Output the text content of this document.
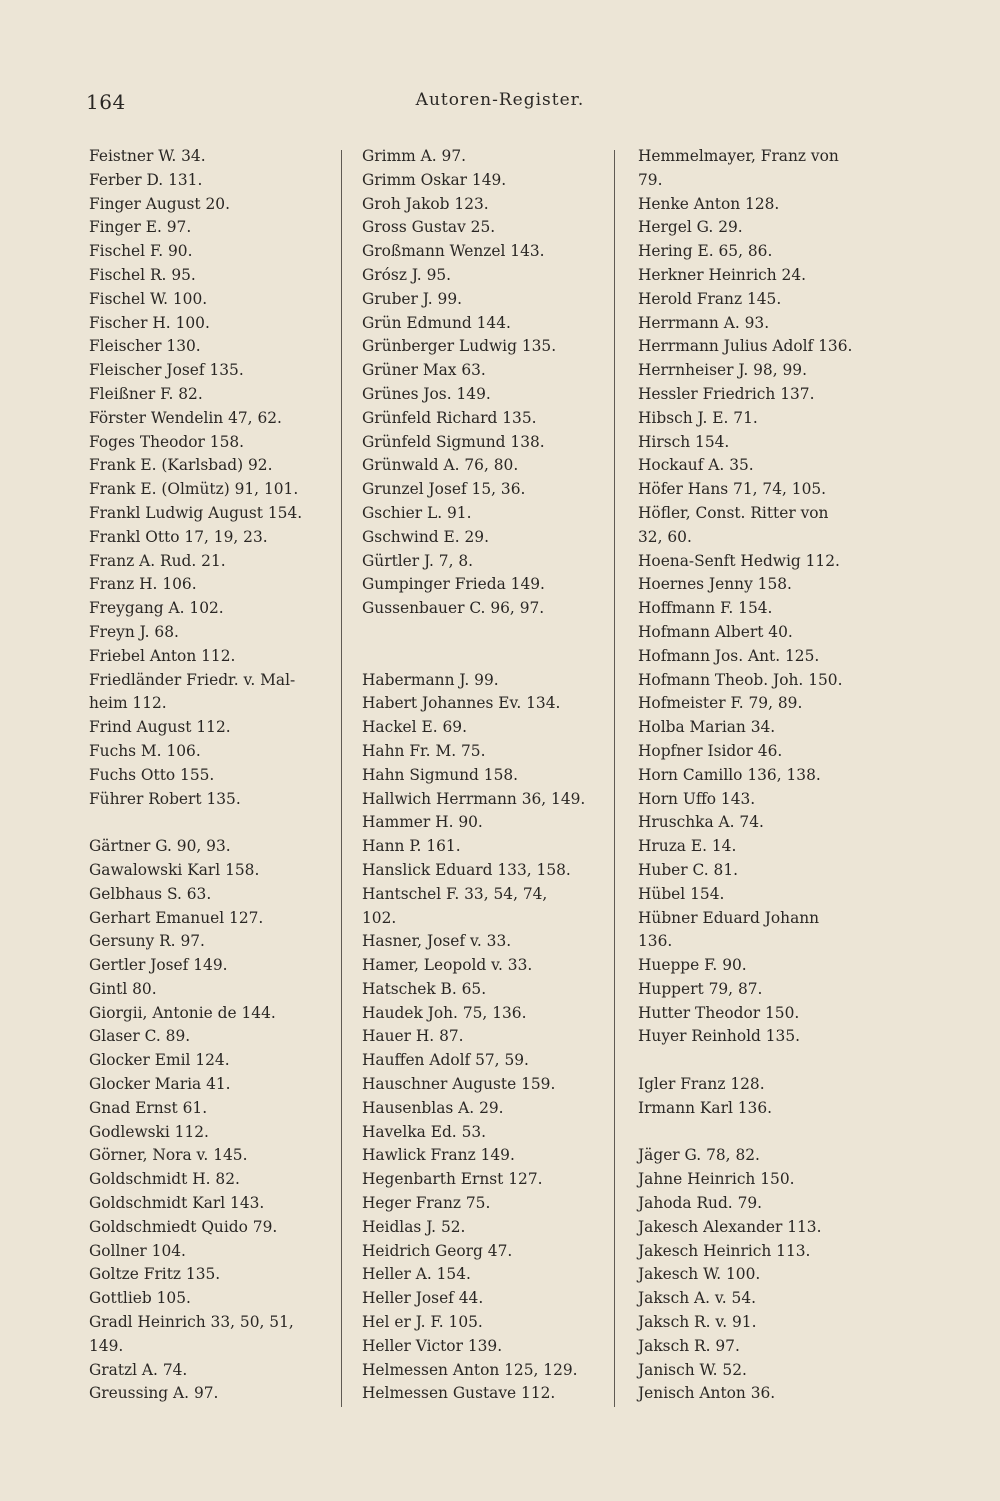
164	Autoren-Register.
Feistner W. 34.
Ferber D. 131.
Finger August 20.
Finger E. 97.
Fischel F. 90.
Fischel R. 95.
Fischel W. 100.
Fischer H. 100.
Fleischer 130.
Fleischer Josef 135.
Fleißner F. 82.
Förster Wendelin 47, 62.
Foges Theodor 158.
Frank E. (Karlsbad) 92.
Frank E. (Olmütz) 91, 101.
Frankl Ludwig August 154.
Frankl Otto 17, 19, 23.
Franz A. Rud. 21.
Franz H. 106.
Freygang A. 102.
Freyn J. 68.
Friebel Anton 112.
Friedländer Friedr. v. Mal-
heim 112.
Frind August 112.
Fuchs M. 106.
Fuchs Otto 155.
Führer Robert 135.
Gärtner G. 90, 93.
Gawalowski Karl 158.
Gelbhaus S. 63.
Gerhart Emanuel 127.
Gersuny R. 97.
Gertler Josef 149.
Gintl 80.
Giorgii, Antonie de 144.
Glaser C. 89.
Glocker Emil 124.
Glocker Maria 41.
Gnad Ernst 61.
Godlewski 112.
Görner, Nora v. 145.
Goldschmidt H. 82.
Goldschmidt Karl 143.
Goldschmiedt Quido 79.
Gollner 104.
Goltze Fritz 135.
Gottlieb 105.
Gradl Heinrich 33, 50, 51,
149.
Gratzl A. 74.
Greussing A. 97.
Grimm A. 97.
Grimm Oskar 149.
Groh Jakob 123.
Gross Gustav 25.
Großmann Wenzel 143.
Grósz J. 95.
Gruber J. 99.
Grün Edmund 144.
Grünberger Ludwig 135.
Grüner Max 63.
Grünes Jos. 149.
Grünfeld Richard 135.
Grünfeld Sigmund 138.
Grünwald A. 76, 80.
Grunzel Josef 15, 36.
Gschier L. 91.
Gschwind E. 29.
Gürtler J. 7, 8.
Gumpinger Frieda 149.
Gussenbauer C. 96, 97.
Habermann J. 99.
Habert Johannes Ev. 134.
Hackel E. 69.
Hahn Fr. M. 75.
Hahn Sigmund 158.
Hallwich Herrmann 36, 149.
Hammer H. 90.
Hann P. 161.
Hanslick Eduard 133, 158.
Hantschel F. 33, 54, 74,
102.
Hasner, Josef v. 33.
Hamer, Leopold v. 33.
Hatschek B. 65.
Haudek Joh. 75, 136.
Hauer H. 87.
Hauffen Adolf 57, 59.
Hauschner Auguste 159.
Hausenblas A. 29.
Havelka Ed. 53.
Hawlick Franz 149.
Hegenbarth Ernst 127.
Heger Franz 75.
Heidlas J. 52.
Heidrich Georg 47.
Heller A. 154.
Heller Josef 44.
Hel er J. F. 105.
Heller Victor 139.
Helmessen Anton 125, 129.
Helmessen Gustave 112.
Hemmelmayer, Franz von
79.
Henke Anton 128.
Hergel G. 29.
Hering E. 65, 86.
Herkner Heinrich 24.
Herold Franz 145.
Herrmann A. 93.
Herrmann Julius Adolf 136.
Herrnheiser J. 98, 99.
Hessler Friedrich 137.
Hibsch J. E. 71.
Hirsch 154.
Hockauf A. 35.
Höfer Hans 71, 74, 105.
Höfler, Const. Ritter von
32, 60.
Hoena-Senft Hedwig 112.
Hoernes Jenny 158.
Hoffmann F. 154.
Hofmann Albert 40.
Hofmann Jos. Ant. 125.
Hofmann Theob. Joh. 150.
Hofmeister F. 79, 89.
Holba Marian 34.
Hopfner Isidor 46.
Horn Camillo 136, 138.
Horn Uffo 143.
Hruschka A. 74.
Hruza E. 14.
Huber C. 81.
Hübel 154.
Hübner Eduard Johann
136.
Hueppe F. 90.
Huppert 79, 87.
Hutter Theodor 150.
Huyer Reinhold 135.
Igler Franz 128.
Irmann Karl 136.
Jäger G. 78, 82.
Jahne Heinrich 150.
Jahoda Rud. 79.
Jakesch Alexander 113.
Jakesch Heinrich 113.
Jakesch W. 100.
Jaksch A. v. 54.
Jaksch R. v. 91.
Jaksch R. 97.
Janisch W. 52.
Jenisch Anton 36.
